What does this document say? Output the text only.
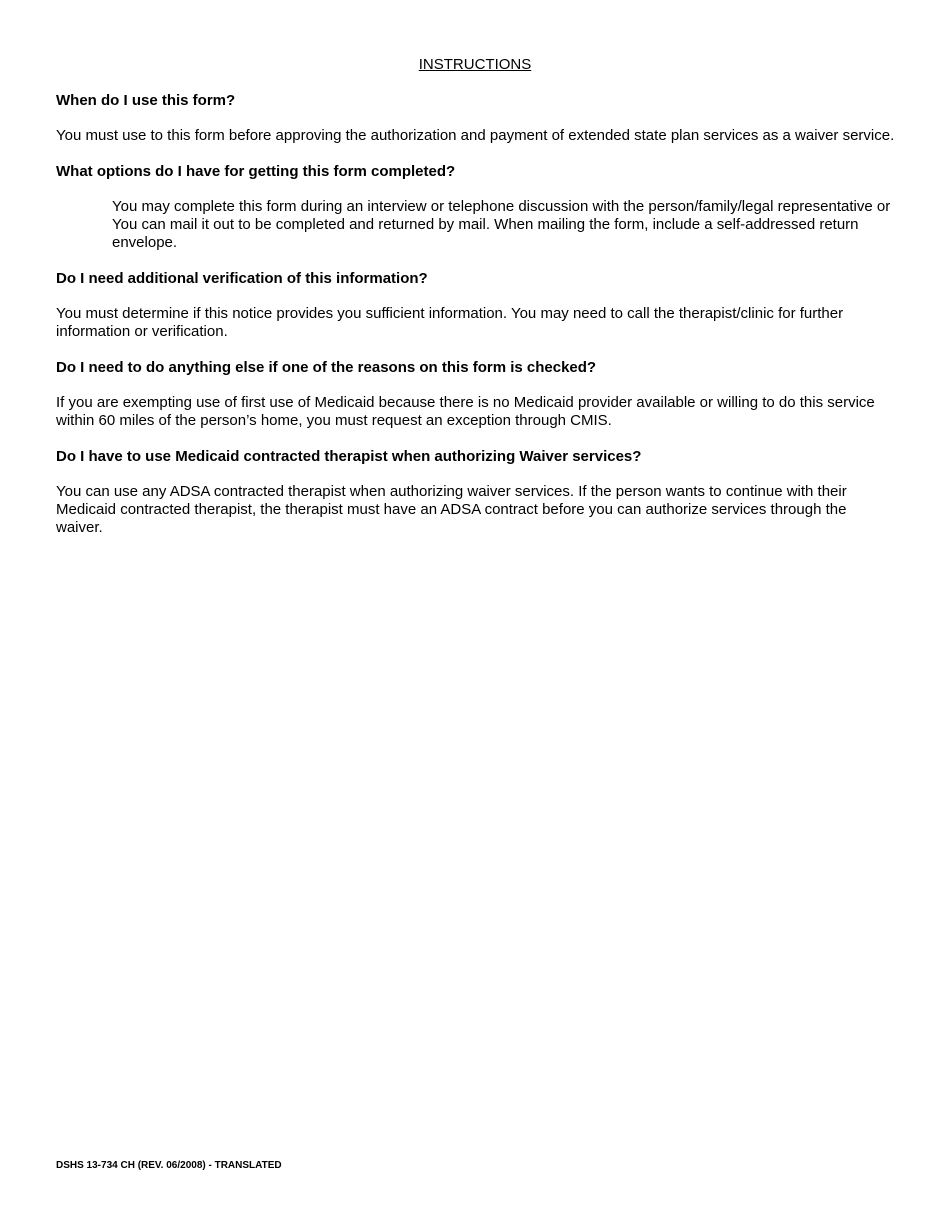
INSTRUCTIONS

When do I use this form?

You must use to this form before approving the authorization and payment of extended state plan services as a waiver service.

What options do I have for getting this form completed?

You may complete this form during an interview or telephone discussion with the person/family/legal representative or

You can mail it out to be completed and returned by mail. When mailing the form, include a self-addressed return envelope.

Do I need additional verification of this information?

You must determine if this notice provides you sufficient information. You may need to call the therapist/clinic for further information or verification.

Do I need to do anything else if one of the reasons on this form is checked?

If you are exempting use of first use of Medicaid because there is no Medicaid provider available or willing to do this service within 60 miles of the person’s home, you must request an exception through CMIS.

Do I have to use Medicaid contracted therapist when authorizing Waiver services?

You can use any ADSA contracted therapist when authorizing waiver services. If the person wants to continue with their Medicaid contracted therapist, the therapist must have an ADSA contract before you can authorize services through the waiver.

DSHS 13-734 CH (REV. 06/2008) - TRANSLATED
